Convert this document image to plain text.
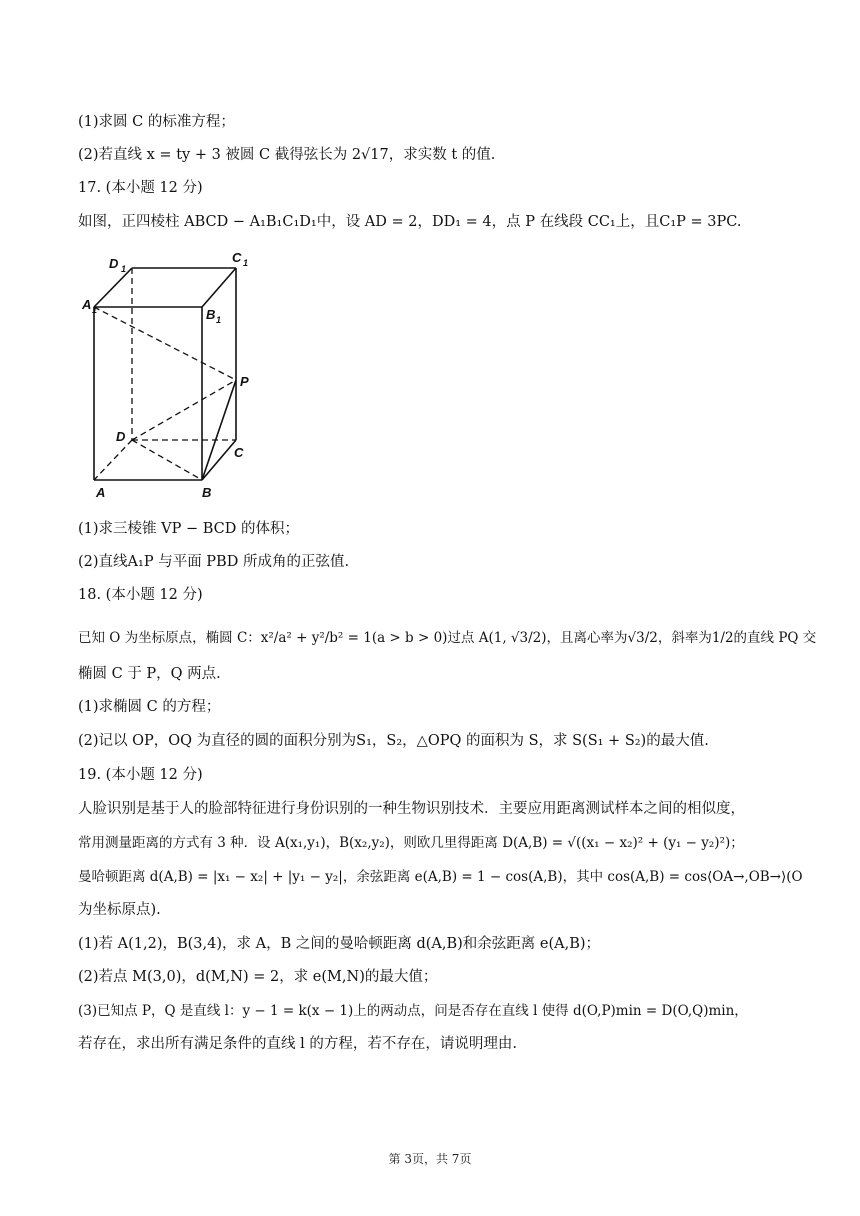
(1)求圆 C 的标准方程；
(2)若直线 x = ty + 3 被圆 C 截得弦长为 2√17，求实数 t 的值.
17. (本小题 12 分)
如图，正四棱柱 ABCD − A₁B₁C₁D₁中，设 AD = 2，DD₁ = 4，点 P 在线段 CC₁上，且C₁P = 3PC.
D 1
C 1
A 1	B 1
P
D
C
A	B
(1)求三棱锥 VP − BCD 的体积；
(2)直线A₁P 与平面 PBD 所成角的正弦值.
18. (本小题 12 分)
已知 O 为坐标原点，椭圆 C：x²/a² + y²/b² = 1(a > b > 0)过点 A(1, √3/2)，且离心率为√3/2，斜率为1/2的直线 PQ 交
椭圆 C 于 P，Q 两点.
(1)求椭圆 C 的方程；
(2)记以 OP，OQ 为直径的圆的面积分别为S₁，S₂，△OPQ 的面积为 S，求 S(S₁ + S₂)的最大值.
19. (本小题 12 分)
人脸识别是基于人的脸部特征进行身份识别的一种生物识别技术．主要应用距离测试样本之间的相似度，
常用测量距离的方式有 3 种．设 A(x₁,y₁)，B(x₂,y₂)，则欧几里得距离 D(A,B) = √((x₁ − x₂)² + (y₁ − y₂)²)；
曼哈顿距离 d(A,B) = |x₁ − x₂| + |y₁ − y₂|，余弦距离 e(A,B) = 1 − cos(A,B)，其中 cos(A,B) = cos⟨OA→,OB→⟩(O
为坐标原点).
(1)若 A(1,2)，B(3,4)，求 A，B 之间的曼哈顿距离 d(A,B)和余弦距离 e(A,B)；
(2)若点 M(3,0)，d(M,N) = 2，求 e(M,N)的最大值；
(3)已知点 P，Q 是直线 l：y − 1 = k(x − 1)上的两动点，问是否存在直线 l 使得 d(O,P)min = D(O,Q)min，
若存在，求出所有满足条件的直线 l 的方程，若不存在，请说明理由.
第 3页，共 7页
